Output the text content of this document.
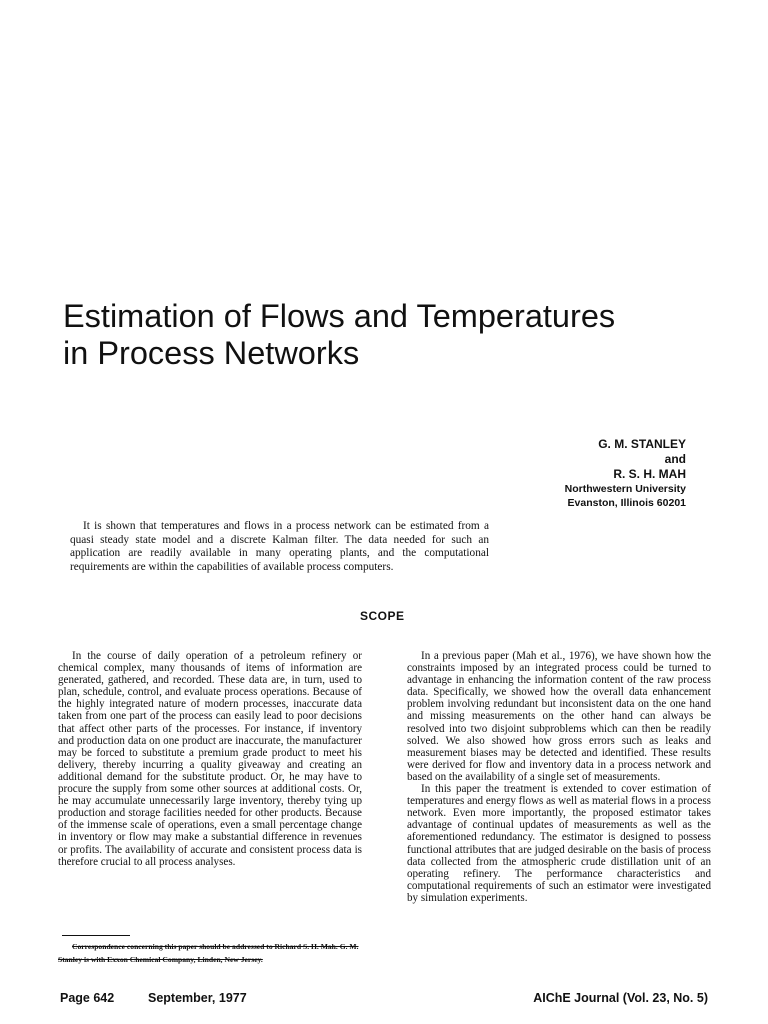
Estimation of Flows and Temperatures
in Process Networks
G. M. STANLEY
and
R. S. H. MAH
Northwestern University
Evanston, Illinois 60201

It is shown that temperatures and flows in a process network can be estimated from a quasi steady state model and a discrete Kalman filter. The data needed for such an application are readily available in many operating plants, and the computational requirements are within the capabilities of available process computers.

SCOPE

In the course of daily operation of a petroleum refinery or chemical complex, many thousands of items of information are generated, gathered, and recorded. These data are, in turn, used to plan, schedule, control, and evaluate process operations. Because of the highly integrated nature of modern processes, inaccurate data taken from one part of the process can easily lead to poor decisions that affect other parts of the processes. For instance, if inventory and production data on one product are inaccurate, the manufacturer may be forced to substitute a premium grade product to meet his delivery, thereby incurring a quality giveaway and creating an additional demand for the substitute product. Or, he may have to procure the supply from some other sources at additional costs. Or, he may accumulate unnecessarily large inventory, thereby tying up production and storage facilities needed for other products. Because of the immense scale of operations, even a small percentage change in inventory or flow may make a substantial difference in revenues or profits. The availability of accurate and consistent process data is therefore crucial to all process analyses.

Correspondence concerning this paper should be addressed to Richard S. H. Mah. G. M. Stanley is with Exxon Chemical Company, Linden, New Jersey.

In a previous paper (Mah et al., 1976), we have shown how the constraints imposed by an integrated process could be turned to advantage in enhancing the information content of the raw process data. Specifically, we showed how the overall data enhancement problem involving redundant but inconsistent data on the one hand and missing measurements on the other hand can always be resolved into two disjoint subproblems which can then be readily solved. We also showed how gross errors such as leaks and measurement biases may be detected and identified. These results were derived for flow and inventory data in a process network and based on the availability of a single set of measurements.

In this paper the treatment is extended to cover estimation of temperatures and energy flows as well as material flows in a process network. Even more importantly, the proposed estimator takes advantage of continual updates of measurements as well as the aforementioned redundancy. The estimator is designed to possess functional attributes that are judged desirable on the basis of process data collected from the atmospheric crude distillation unit of an operating refinery. The performance characteristics and computational requirements of such an estimator were investigated by simulation experiments.

Page 642	September, 1977	AIChE Journal (Vol. 23, No. 5)
